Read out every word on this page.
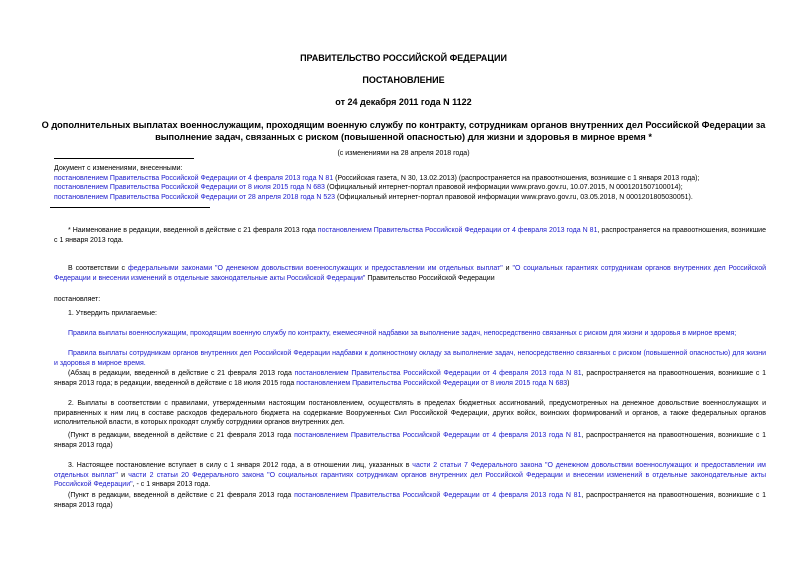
ПРАВИТЕЛЬСТВО РОССИЙСКОЙ ФЕДЕРАЦИИ
ПОСТАНОВЛЕНИЕ
от 24 декабря 2011 года N 1122
О дополнительных выплатах военнослужащим, проходящим военную службу по контракту, сотрудникам органов внутренних дел Российской Федерации за выполнение задач, связанных с риском (повышенной опасностью) для жизни и здоровья в мирное время *
(с изменениями на 28 апреля 2018 года)
Документ с изменениями, внесенными:
постановлением Правительства Российской Федерации от 4 февраля 2013 года N 81 (Российская газета, N 30, 13.02.2013) (распространяется на правоотношения, возникшие с 1 января 2013 года);
постановлением Правительства Российской Федерации от 8 июля 2015 года N 683 (Официальный интернет-портал правовой информации www.pravo.gov.ru, 10.07.2015, N 0001201507100014);
постановлением Правительства Российской Федерации от 28 апреля 2018 года N 523 (Официальный интернет-портал правовой информации www.pravo.gov.ru, 03.05.2018, N 0001201805030051).
* Наименование в редакции, введенной в действие с 21 февраля 2013 года постановлением Правительства Российской Федерации от 4 февраля 2013 года N 81, распространяется на правоотношения, возникшие с 1 января 2013 года.
В соответствии с федеральными законами "О денежном довольствии военнослужащих и предоставлении им отдельных выплат" и "О социальных гарантиях сотрудникам органов внутренних дел Российской Федерации и внесении изменений в отдельные законодательные акты Российской Федерации" Правительство Российской Федерации
постановляет:
1. Утвердить прилагаемые:
Правила выплаты военнослужащим, проходящим военную службу по контракту, ежемесячной надбавки за выполнение задач, непосредственно связанных с риском для жизни и здоровья в мирное время;
Правила выплаты сотрудникам органов внутренних дел Российской Федерации надбавки к должностному окладу за выполнение задач, непосредственно связанных с риском (повышенной опасностью) для жизни и здоровья в мирное время.
(Абзац в редакции, введенной в действие с 21 февраля 2013 года постановлением Правительства Российской Федерации от 4 февраля 2013 года N 81, распространяется на правоотношения, возникшие с 1 января 2013 года; в редакции, введенной в действие с 18 июля 2015 года постановлением Правительства Российской Федерации от 8 июля 2015 года N 683)
2. Выплаты в соответствии с правилами, утвержденными настоящим постановлением, осуществлять в пределах бюджетных ассигнований, предусмотренных на денежное довольствие военнослужащих и приравненных к ним лиц в составе расходов федерального бюджета на содержание Вооруженных Сил Российской Федерации, других войск, воинских формирований и органов, а также федеральных органов исполнительной власти, в которых проходят службу сотрудники органов внутренних дел.
(Пункт в редакции, введенной в действие с 21 февраля 2013 года постановлением Правительства Российской Федерации от 4 февраля 2013 года N 81, распространяется на правоотношения, возникшие с 1 января 2013 года)
3. Настоящее постановление вступает в силу с 1 января 2012 года, а в отношении лиц, указанных в части 2 статьи 7 Федерального закона "О денежном довольствии военнослужащих и предоставлении им отдельных выплат" и части 2 статьи 20 Федерального закона "О социальных гарантиях сотрудникам органов внутренних дел Российской Федерации и внесении изменений в отдельные законодательные акты Российской Федерации", - с 1 января 2013 года.
(Пункт в редакции, введенной в действие с 21 февраля 2013 года постановлением Правительства Российской Федерации от 4 февраля 2013 года N 81, распространяется на правоотношения, возникшие с 1 января 2013 года)
